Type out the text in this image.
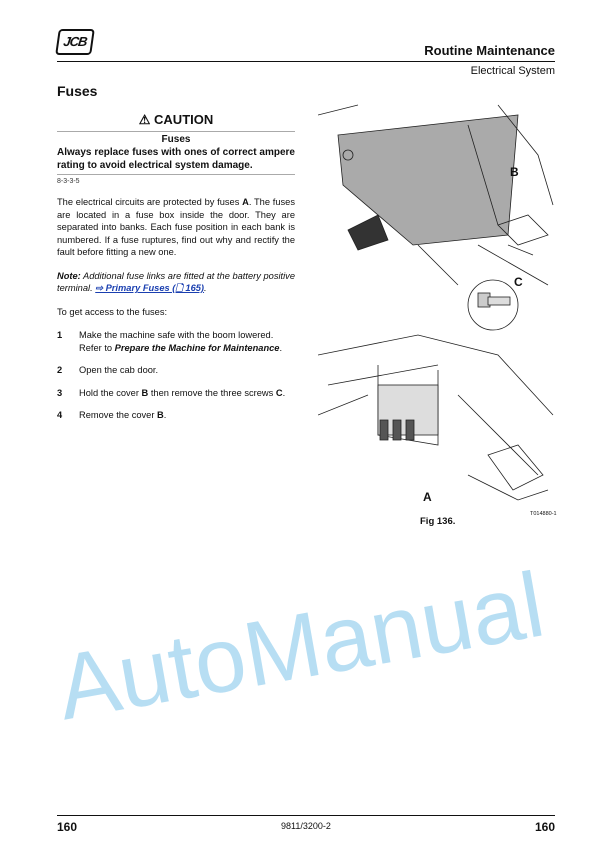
JCB
Routine Maintenance
Electrical System
AutoManual
Fuses
⚠ CAUTION
Fuses
Always replace fuses with ones of correct ampere rating to avoid electrical system damage.
8-3-3-5
The electrical circuits are protected by fuses A. The fuses are located in a fuse box inside the door. They are separated into banks. Each fuse position in each bank is numbered. If a fuse ruptures, find out why and rectify the fault before fitting a new one.
Note: Additional fuse links are fitted at the battery positive terminal. ⇨ Primary Fuses (🗋 165).
To get access to the fuses:
1 Make the machine safe with the boom lowered. Refer to Prepare the Machine for Maintenance.
2 Open the cab door.
3 Hold the cover B then remove the three screws C.
4 Remove the cover B.
B
C
A
T014880-1
Fig 136.
160	9811/3200-2	160
